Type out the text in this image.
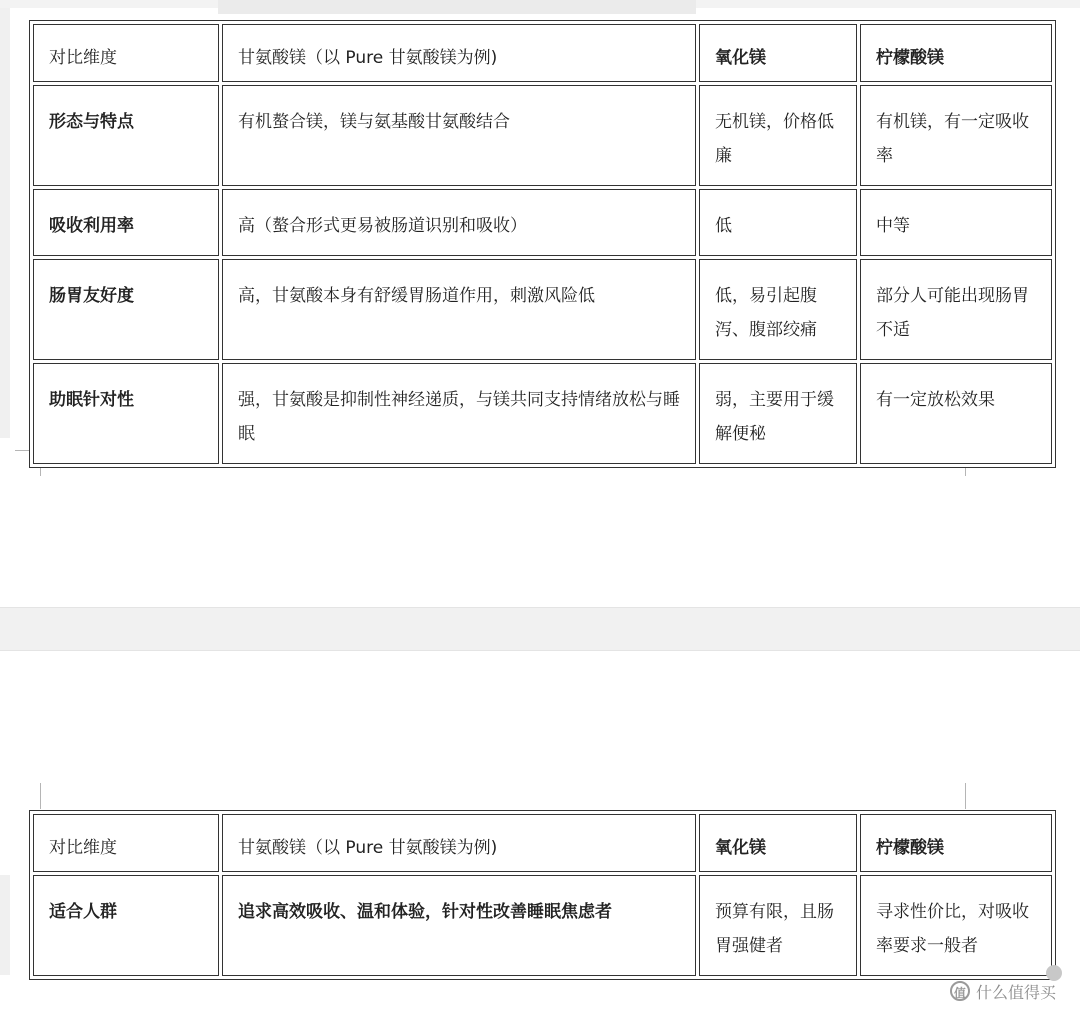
对比维度	甘氨酸镁（以 Pure 甘氨酸镁为例)	氧化镁	柠檬酸镁
形态与特点	有机螯合镁，镁与氨基酸甘氨酸结合	无机镁，价格低廉	有机镁，有一定吸收率
吸收利用率	高（螯合形式更易被肠道识别和吸收）	低	中等
肠胃友好度	高，甘氨酸本身有舒缓胃肠道作用，刺激风险低	低，易引起腹泻、腹部绞痛	部分人可能出现肠胃不适
助眠针对性	强，甘氨酸是抑制性神经递质，与镁共同支持情绪放松与睡眠	弱，主要用于缓解便秘	有一定放松效果
对比维度	甘氨酸镁（以 Pure 甘氨酸镁为例)	氧化镁	柠檬酸镁
适合人群	追求高效吸收、温和体验，针对性改善睡眠焦虑者	预算有限，且肠胃强健者	寻求性价比，对吸收率要求一般者
值 什么值得买
